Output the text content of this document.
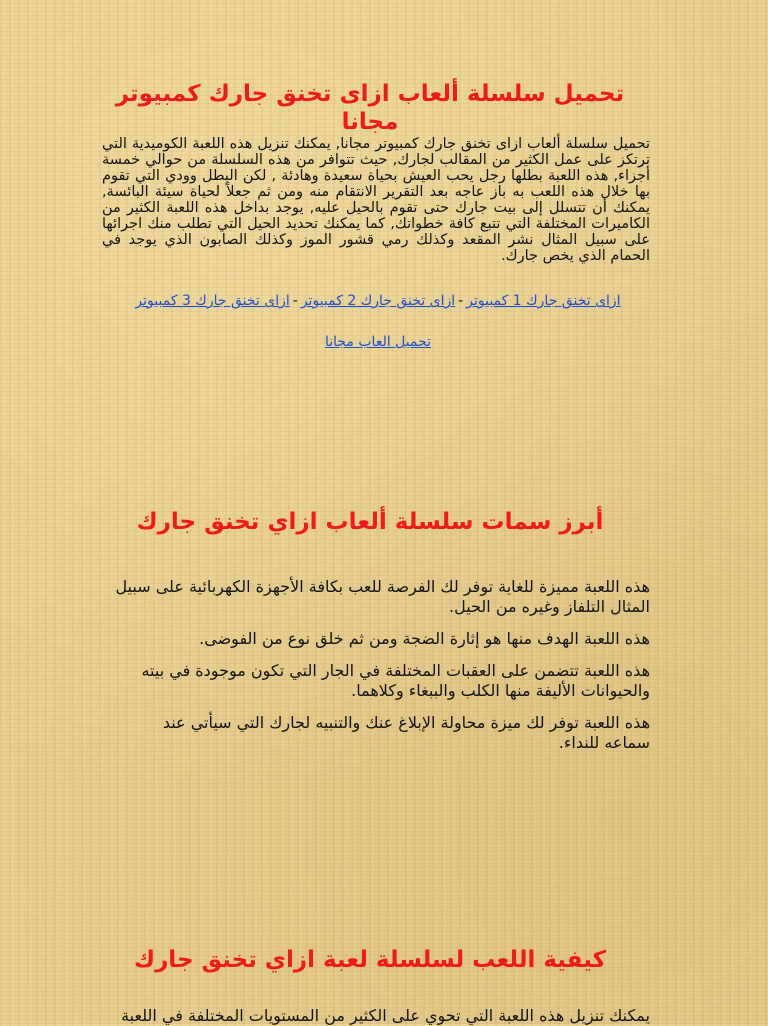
تحميل سلسلة ألعاب ازاى تخنق جارك كمبيوتر مجانا

تحميل سلسلة ألعاب ازاى تخنق جارك كمبيوتر مجانا, يمكنك تنزيل هذه اللعبة الكوميدية التي ترتكز على عمل الكثير من المقالب لجارك, حيث تتوافر من هذه السلسلة من حوالي خمسة أجزاء, هذه اللعبة بطلها رجل يحب العيش بحياة سعيدة وهادئة , لكن البطل وودي التي تقوم بها خلال هذه اللعب به باز عاجه بعد التقرير الانتقام منه ومن ثم جعلاً لحياة سيئة البائسة, يمكنك أن تتسلل إلى بيت جارك حتى تقوم بالحيل عليه, يوجد بداخل هذه اللعبة الكثير من الكاميرات المختلفة التي تتبع كافة خطواتك, كما يمكنك تحديد الحيل التي تطلب منك اجرائها على سبيل المثال نشر المقعد وكذلك رمي قشور الموز وكذلك الصابون الذي يوجد في الحمام الذي يخص جارك.

ازاى تخنق جارك 1 كمبيوتر-ازاى تخنق جارك 2 كمبيوتر-ازاى تخنق جارك 3 كمبيوتر

تحميل العاب مجانا

أبرز سمات سلسلة ألعاب ازاي تخنق جارك
هذه اللعبة مميزة للغاية توفر لك الفرصة للعب بكافة الأجهزة الكهربائية على سبيل المثال التلفاز وغيره من الحيل.
هذه اللعبة الهدف منها هو إثارة الضجة ومن ثم خلق نوع من الفوضى.
هذه اللعبة تتضمن على العقبات المختلفة في الجار التي تكون موجودة في بيته والحيوانات الأليفة منها الكلب والببغاء وكلاهما.
هذه اللعبة توفر لك ميزة محاولة الإبلاغ عنك والتنبيه لجارك التي سيأتي عند سماعه للنداء.
كيفية اللعب لسلسلة لعبة ازاي تخنق جارك

يمكنك تنزيل هذه اللعبة التي تحوي على الكثير من المستويات المختلفة في اللعبة
